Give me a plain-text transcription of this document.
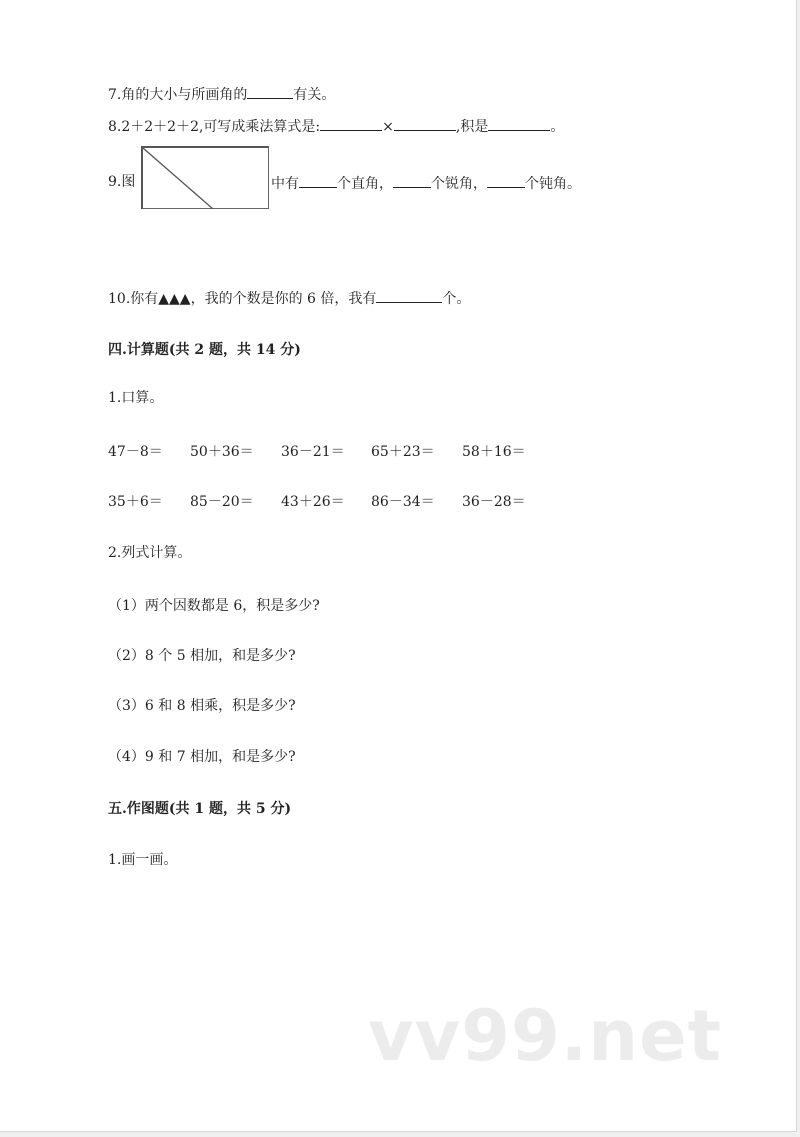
7.角的大小与所画角的	有关。
8.2＋2＋2＋2,可写成乘法算式是:	×	,积是	。
9.图	中有	个直角，	个锐角，	个钝角。
10.你有▲▲▲，我的个数是你的 6 倍，我有	个。
四.计算题(共 2 题，共 14 分)
1.口算。
47－8＝ 50＋36＝ 36－21＝ 65＋23＝ 58＋16＝
35＋6＝ 85－20＝ 43＋26＝ 86－34＝ 36－28＝
2.列式计算。
（1）两个因数都是 6，积是多少?
（2）8 个 5 相加，和是多少?
（3）6 和 8 相乘，积是多少?
（4）9 和 7 相加，和是多少?
五.作图题(共 1 题，共 5 分)
1.画一画。
vv99.net
